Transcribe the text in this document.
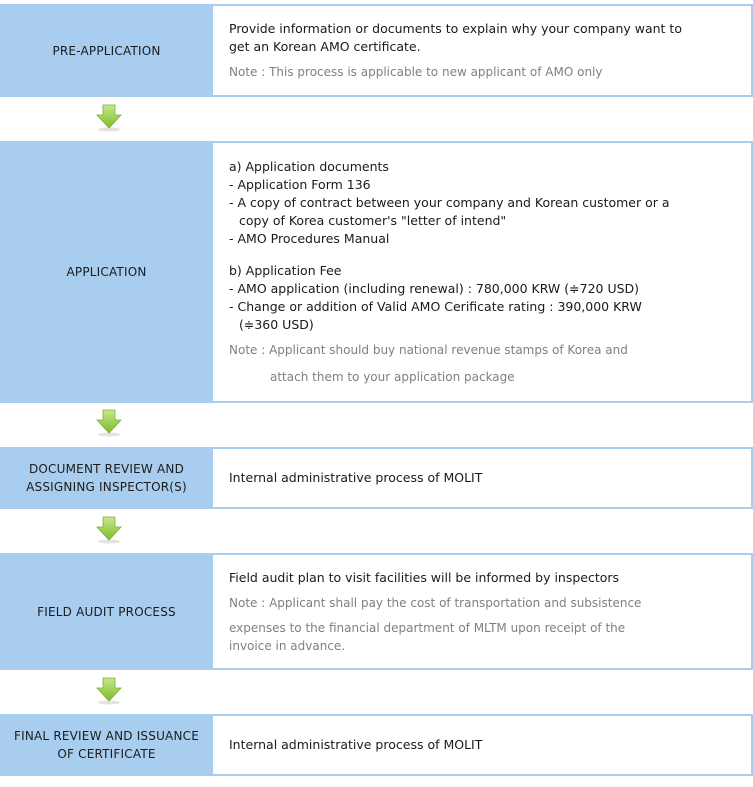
PRE-APPLICATION
Provide information or documents to explain why your company want to
get an Korean AMO certificate.
Note : This process is applicable to new applicant of AMO only
APPLICATION
a) Application documents
- Application Form 136
- A copy of contract between your company and Korean customer or a
copy of Korea customer's "letter of intend"
- AMO Procedures Manual
b) Application Fee
- AMO application (including renewal) : 780,000 KRW (≑720 USD)
- Change or addition of Valid AMO Cerificate rating : 390,000 KRW
(≑360 USD)
Note : Applicant should buy national revenue stamps of Korea and
attach them to your application package
DOCUMENT REVIEW AND
ASSIGNING INSPECTOR(S)
Internal administrative process of MOLIT
FIELD AUDIT PROCESS
Field audit plan to visit facilities will be informed by inspectors
Note : Applicant shall pay the cost of transportation and subsistence
expenses to the financial department of MLTM upon receipt of the
invoice in advance.
FINAL REVIEW AND ISSUANCE
OF CERTIFICATE
Internal administrative process of MOLIT
